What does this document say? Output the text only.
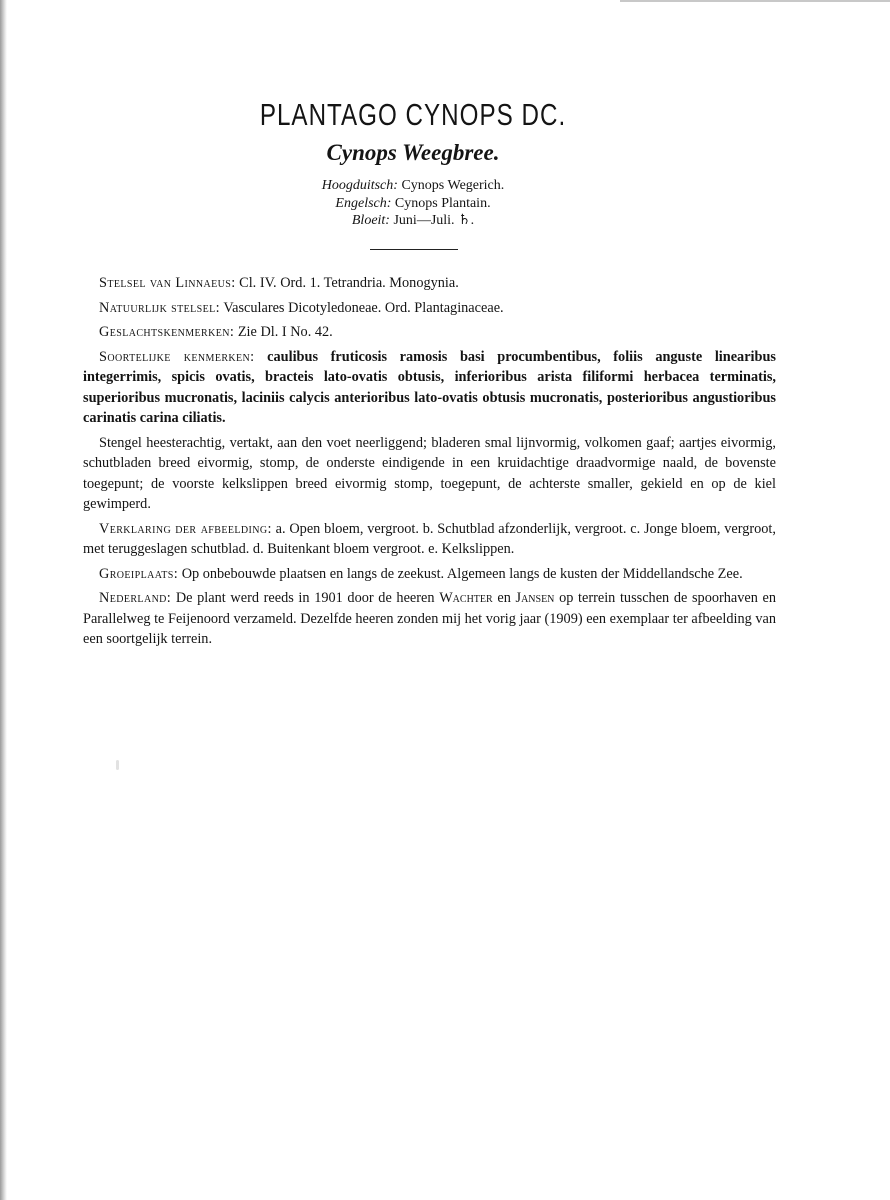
PLANTAGO CYNOPS DC.
Cynops Weegbree.
Hoogduitsch: Cynops Wegerich.
Engelsch: Cynops Plantain.
Bloeit: Juni—Juli. ♄.

Stelsel van Linnaeus: Cl. IV. Ord. 1. Tetrandria. Monogynia.

Natuurlijk stelsel: Vasculares Dicotyledoneae. Ord. Plantaginaceae.

Geslachtskenmerken: Zie Dl. I No. 42.

Soortelijke kenmerken: caulibus fruticosis ramosis basi procumbentibus, foliis anguste linearibus integerrimis, spicis ovatis, bracteis lato-ovatis obtusis, inferioribus arista filiformi herbacea terminatis, superioribus mucronatis, laciniis calycis anterioribus lato-ovatis obtusis mucronatis, posterioribus angustioribus carinatis carina ciliatis.

Stengel heesterachtig, vertakt, aan den voet neerliggend; bladeren smal lijnvormig, volkomen gaaf; aartjes eivormig, schutbladen breed eivormig, stomp, de onderste eindigende in een kruidachtige draadvormige naald, de bovenste toegepunt; de voorste kelkslippen breed eivormig stomp, toegepunt, de achterste smaller, gekield en op de kiel gewimperd.

Verklaring der afbeelding: a. Open bloem, vergroot. b. Schutblad afzonderlijk, vergroot. c. Jonge bloem, vergroot, met teruggeslagen schutblad. d. Buitenkant bloem vergroot. e. Kelkslippen.

Groeiplaats: Op onbebouwde plaatsen en langs de zeekust. Algemeen langs de kusten der Middellandsche Zee.

Nederland: De plant werd reeds in 1901 door de heeren Wachter en Jansen op terrein tusschen de spoorhaven en Parallelweg te Feijenoord verzameld. Dezelfde heeren zonden mij het vorig jaar (1909) een exemplaar ter afbeelding van een soortgelijk terrein.
